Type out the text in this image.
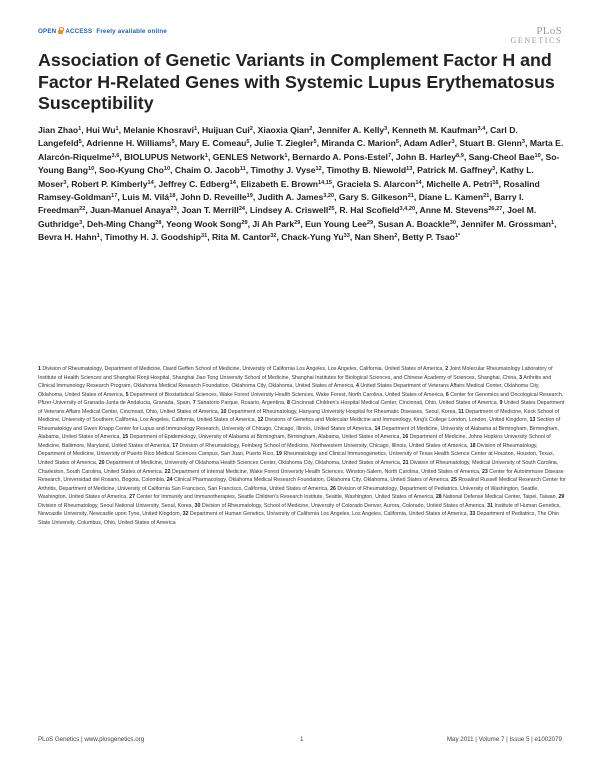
OPEN ACCESS Freely available online	PLoS
GENETICS
Association of Genetic Variants in Complement Factor H and Factor H-Related Genes with Systemic Lupus Erythematosus Susceptibility

Jian Zhao$^1$, Hui Wu$^1$, Melanie Khosravi$^1$, Huijuan Cui$^2$, Xiaoxia Qian$^2$, Jennifer A. Kelly$^3$, Kenneth M. Kaufman$^{3,4}$, Carl D. Langefeld$^5$, Adrienne H. Williams$^5$, Mary E. Comeau$^5$, Julie T. Ziegler$^5$, Miranda C. Marion$^5$, Adam Adler$^3$, Stuart B. Glenn$^3$, Marta E. Alarcón-Riquelme$^{3,6}$, BIOLUPUS Network$^1$, GENLES Network$^1$, Bernardo A. Pons-Estel$^7$, John B. Harley$^{8,9}$, Sang-Cheol Bae$^{10}$, So-Young Bang$^{10}$, Soo-Kyung Cho$^{10}$, Chaim O. Jacob$^{11}$, Timothy J. Vyse$^{12}$, Timothy B. Niewold$^{13}$, Patrick M. Gaffney$^3$, Kathy L. Moser$^3$, Robert P. Kimberly$^{14}$, Jeffrey C. Edberg$^{14}$, Elizabeth E. Brown$^{14,15}$, Graciela S. Alarcon$^{14}$, Michelle A. Petri$^{16}$, Rosalind Ramsey-Goldman$^{17}$, Luis M. Vilá$^{18}$, John D. Reveille$^{19}$, Judith A. James$^{3,20}$, Gary S. Gilkeson$^{21}$, Diane L. Kamen$^{21}$, Barry I. Freedman$^{22}$, Juan-Manuel Anaya$^{23}$, Joan T. Merrill$^{24}$, Lindsey A. Criswell$^{25}$, R. Hal Scofield$^{3,4,20}$, Anne M. Stevens$^{26,27}$, Joel M. Guthridge$^3$, Deh-Ming Chang$^{28}$, Yeong Wook Song$^{29}$, Ji Ah Park$^{29}$, Eun Young Lee$^{29}$, Susan A. Boackle$^{30}$, Jennifer M. Grossman$^1$, Bevra H. Hahn$^1$, Timothy H. J. Goodship$^{31}$, Rita M. Cantor$^{32}$, Chack-Yung Yu$^{33}$, Nan Shen$^2$, Betty P. Tsao$^{1*}$

1 Division of Rheumatology, Department of Medicine, David Geffen School of Medicine, University of California Los Angeles, Los Angeles, California, United States of America, 2 Joint Molecular Rheumatology Laboratory of Institute of Health Sciences and Shanghai Renji Hospital, Shanghai Jiao Tong University School of Medicine, Shanghai Institutes for Biological Sciences, and Chinese Academy of Sciences, Shanghai, China, 3 Arthritis and Clinical Immunology Research Program, Oklahoma Medical Research Foundation, Oklahoma City, Oklahoma, United States of America, 4 United States Department of Veterans Affairs Medical Center, Oklahoma City, Oklahoma, United States of America, 5 Department of Biostatistical Sciences, Wake Forest University Health Sciences, Wake Forest, North Carolina, United States of America, 6 Center for Genomics and Oncological Research, Pfizer-University of Granada-Junta de Andalucia, Granada, Spain, 7 Sanatorio Parque, Rosario, Argentina, 8 Cincinnati Children's Hospital Medical Center, Cincinnati, Ohio, United States of America, 9 United States Department of Veterans Affairs Medical Center, Cincinnati, Ohio, United States of America, 10 Department of Rheumatology, Hanyang University Hospital for Rheumatic Diseases, Seoul, Korea, 11 Department of Medicine, Keck School of Medicine, University of Southern California, Los Angeles, California, United States of America, 12 Divisions of Genetics and Molecular Medicine and Immunology, King's College London, London, United Kingdom, 13 Section of Rheumatology and Gwen Knapp Center for Lupus and Immunology Research, University of Chicago, Chicago, Illinois, United States of America, 14 Department of Medicine, University of Alabama at Birmingham, Birmingham, Alabama, United States of America, 15 Department of Epidemiology, University of Alabama at Birmingham, Birmingham, Alabama, United States of America, 16 Department of Medicine, Johns Hopkins University School of Medicine, Baltimore, Maryland, United States of America, 17 Division of Rheumatology, Feinberg School of Medicine, Northwestern University, Chicago, Illinois, United States of America, 18 Division of Rheumatology, Department of Medicine, University of Puerto Rico Medical Sciences Campus, San Juan, Puerto Rico, 19 Rheumatology and Clinical Immunogenetics, University of Texas Health Science Center at Houston, Houston, Texas, United States of America, 20 Department of Medicine, University of Oklahoma Health Sciences Center, Oklahoma City, Oklahoma, United States of America, 21 Division of Rheumatology, Medical University of South Carolina, Charleston, South Carolina, United States of America, 22 Department of Internal Medicine, Wake Forest University Health Sciences, Winston-Salem, North Carolina, United States of America, 23 Center for Autoimmune Disease Research, Universidad del Rosario, Bogota, Colombia, 24 Clinical Pharmacology, Oklahoma Medical Research Foundation, Oklahoma City, Oklahoma, United States of America, 25 Rosalind Russell Medical Research Center for Arthritis, Department of Medicine, University of California San Francisco, San Francisco, California, United States of America, 26 Division of Rheumatology, Department of Pediatrics, University of Washington, Seattle, Washington, United States of America, 27 Center for Immunity and Immunotherapies, Seattle Children's Research Institute, Seattle, Washington, United States of America, 28 National Defense Medical Center, Taipei, Taiwan, 29 Division of Rheumatology, Seoul National University, Seoul, Korea, 30 Division of Rheumatology, School of Medicine, University of Colorado Denver, Aurora, Colorado, United States of America, 31 Institute of Human Genetics, Newcastle University, Newcastle upon Tyne, United Kingdom, 32 Department of Human Genetics, University of California Los Angeles, Los Angeles, California, United States of America, 33 Department of Pediatrics, The Ohio State University, Columbus, Ohio, United States of America

PLoS Genetics | www.plosgenetics.org	1	May 2011 | Volume 7 | Issue 5 | e1002079
